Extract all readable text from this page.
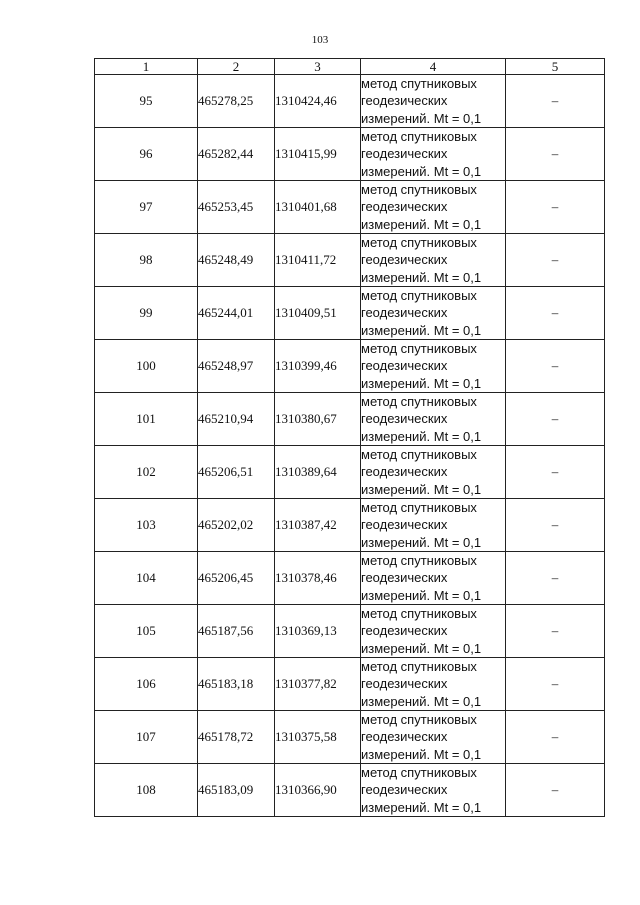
103
1	2	3	4	5
95	465278,25	1310424,46	метод спутниковых
геодезических
измерений. Mt = 0,1	–
96	465282,44	1310415,99	метод спутниковых
геодезических
измерений. Mt = 0,1	–
97	465253,45	1310401,68	метод спутниковых
геодезических
измерений. Mt = 0,1	–
98	465248,49	1310411,72	метод спутниковых
геодезических
измерений. Mt = 0,1	–
99	465244,01	1310409,51	метод спутниковых
геодезических
измерений. Mt = 0,1	–
100	465248,97	1310399,46	метод спутниковых
геодезических
измерений. Mt = 0,1	–
101	465210,94	1310380,67	метод спутниковых
геодезических
измерений. Mt = 0,1	–
102	465206,51	1310389,64	метод спутниковых
геодезических
измерений. Mt = 0,1	–
103	465202,02	1310387,42	метод спутниковых
геодезических
измерений. Mt = 0,1	–
104	465206,45	1310378,46	метод спутниковых
геодезических
измерений. Mt = 0,1	–
105	465187,56	1310369,13	метод спутниковых
геодезических
измерений. Mt = 0,1	–
106	465183,18	1310377,82	метод спутниковых
геодезических
измерений. Mt = 0,1	–
107	465178,72	1310375,58	метод спутниковых
геодезических
измерений. Mt = 0,1	–
108	465183,09	1310366,90	метод спутниковых
геодезических
измерений. Mt = 0,1	–
